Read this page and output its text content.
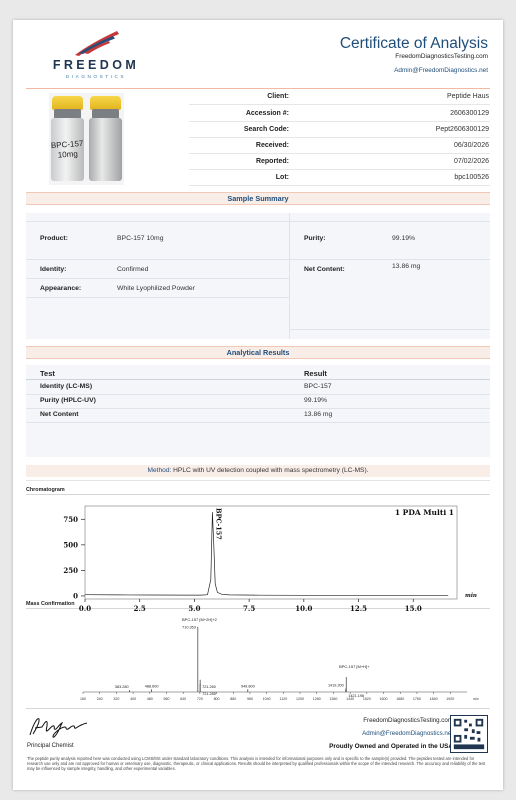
FREEDOM
DIAGNOSTICS
Certificate of Analysis
FreedomDiagnosticsTesting.com
Admin@FreedomDiagnostics.net
BPC-157
10mg
Client:	Peptide Haus
Accession #:	2606300129
Search Code:	Pept2606300129
Received:	06/30/2026
Reported:	07/02/2026
Lot:	bpc100526
Sample Summary
Product:	BPC-157 10mg	Purity:	99.19%
Identity:	Confirmed	Net Content:	13.86 mg
Appearance:	White Lyophilized Powder
Analytical Results
Test	Result
Identity (LC-MS)	BPC-157
Purity (HPLC-UV)	99.19%
Net Content	13.86 mg
Method: HPLC with UV detection coupled with mass spectrometry (LC-MS).
Chromatogram
0
250
500
750	BPC-157	1 PDA Multi 1
min
Mass Confirmation
160	240	320	400	480	560	640	720	800	880	960	1040 1120 1200 1280 1360 1440 1520 1600 1680 1760 1840 1920
383.280	488.600
710.353
721.260
721.285
949.800	1419.200
1421.198
BPC-157 [M+2H]+2
BPC-157 [M+H]+
m/z
Principal Chemist
FreedomDiagnosticsTesting.com
Admin@FreedomDiagnostics.net
Proudly Owned and Operated in the USA
The peptide purity analysis reported here was conducted using LCMS/MS under standard laboratory conditions. This analysis is intended for informational purposes only and is specific to the sample(s) provided. The peptides tested are intended for research use only and are not approved for human or veterinary use, diagnostic, therapeutic, or clinical applications. Results should be interpreted by qualified professionals within the scope of the intended research. The accuracy and reliability of the test may be influenced by sample integrity, handling, and other experimental variables.
0.0	2.5	5.0	7.5	10.0	12.5	15.0
